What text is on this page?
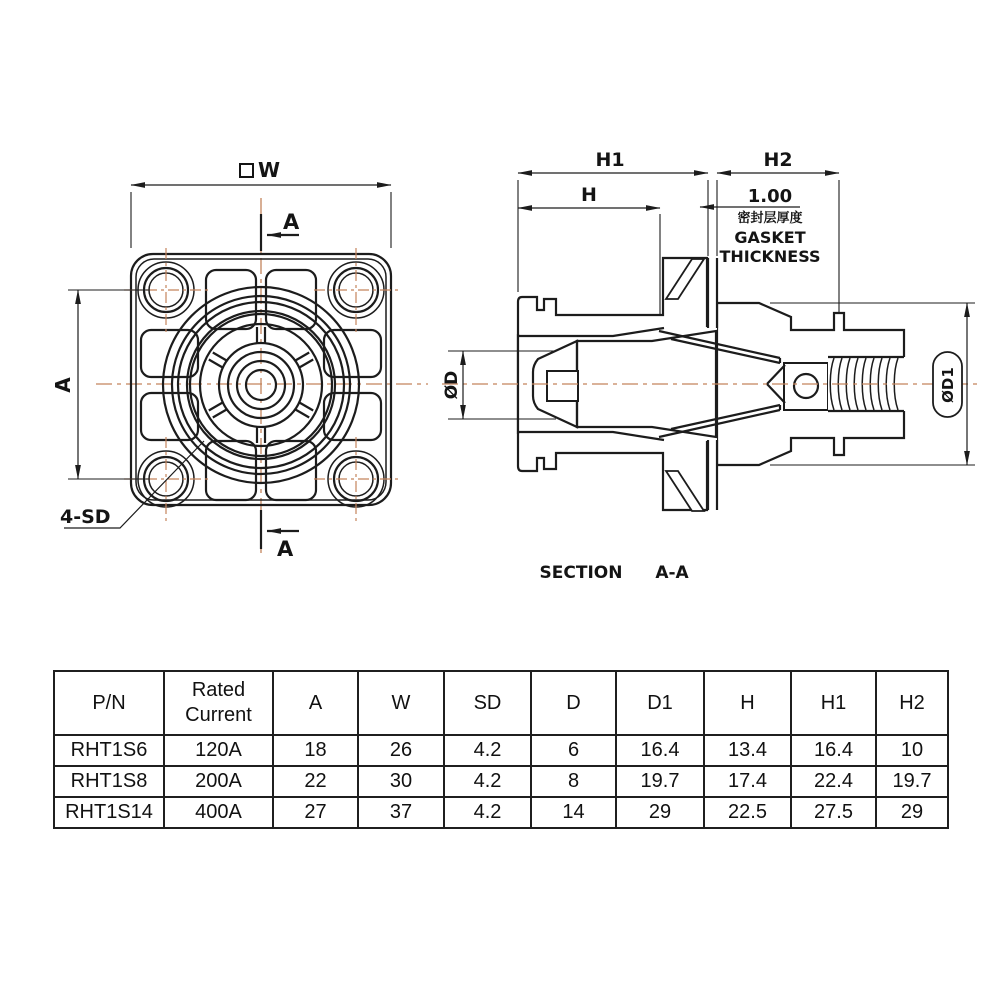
W
A
4-SD
A
A
H1	H2
H	1.00
密封层厚度
GASKET
THICKNESS
ØD	ØD1
SECTION A-A
P/N	Rated Current	A	W	SD	D	D1	H	H1	H2
RHT1S6	120A	18	26	4.2	6	16.4	13.4	16.4	10
RHT1S8	200A	22	30	4.2	8	19.7	17.4	22.4	19.7
RHT1S14	400A	27	37	4.2	14	29	22.5	27.5	29
